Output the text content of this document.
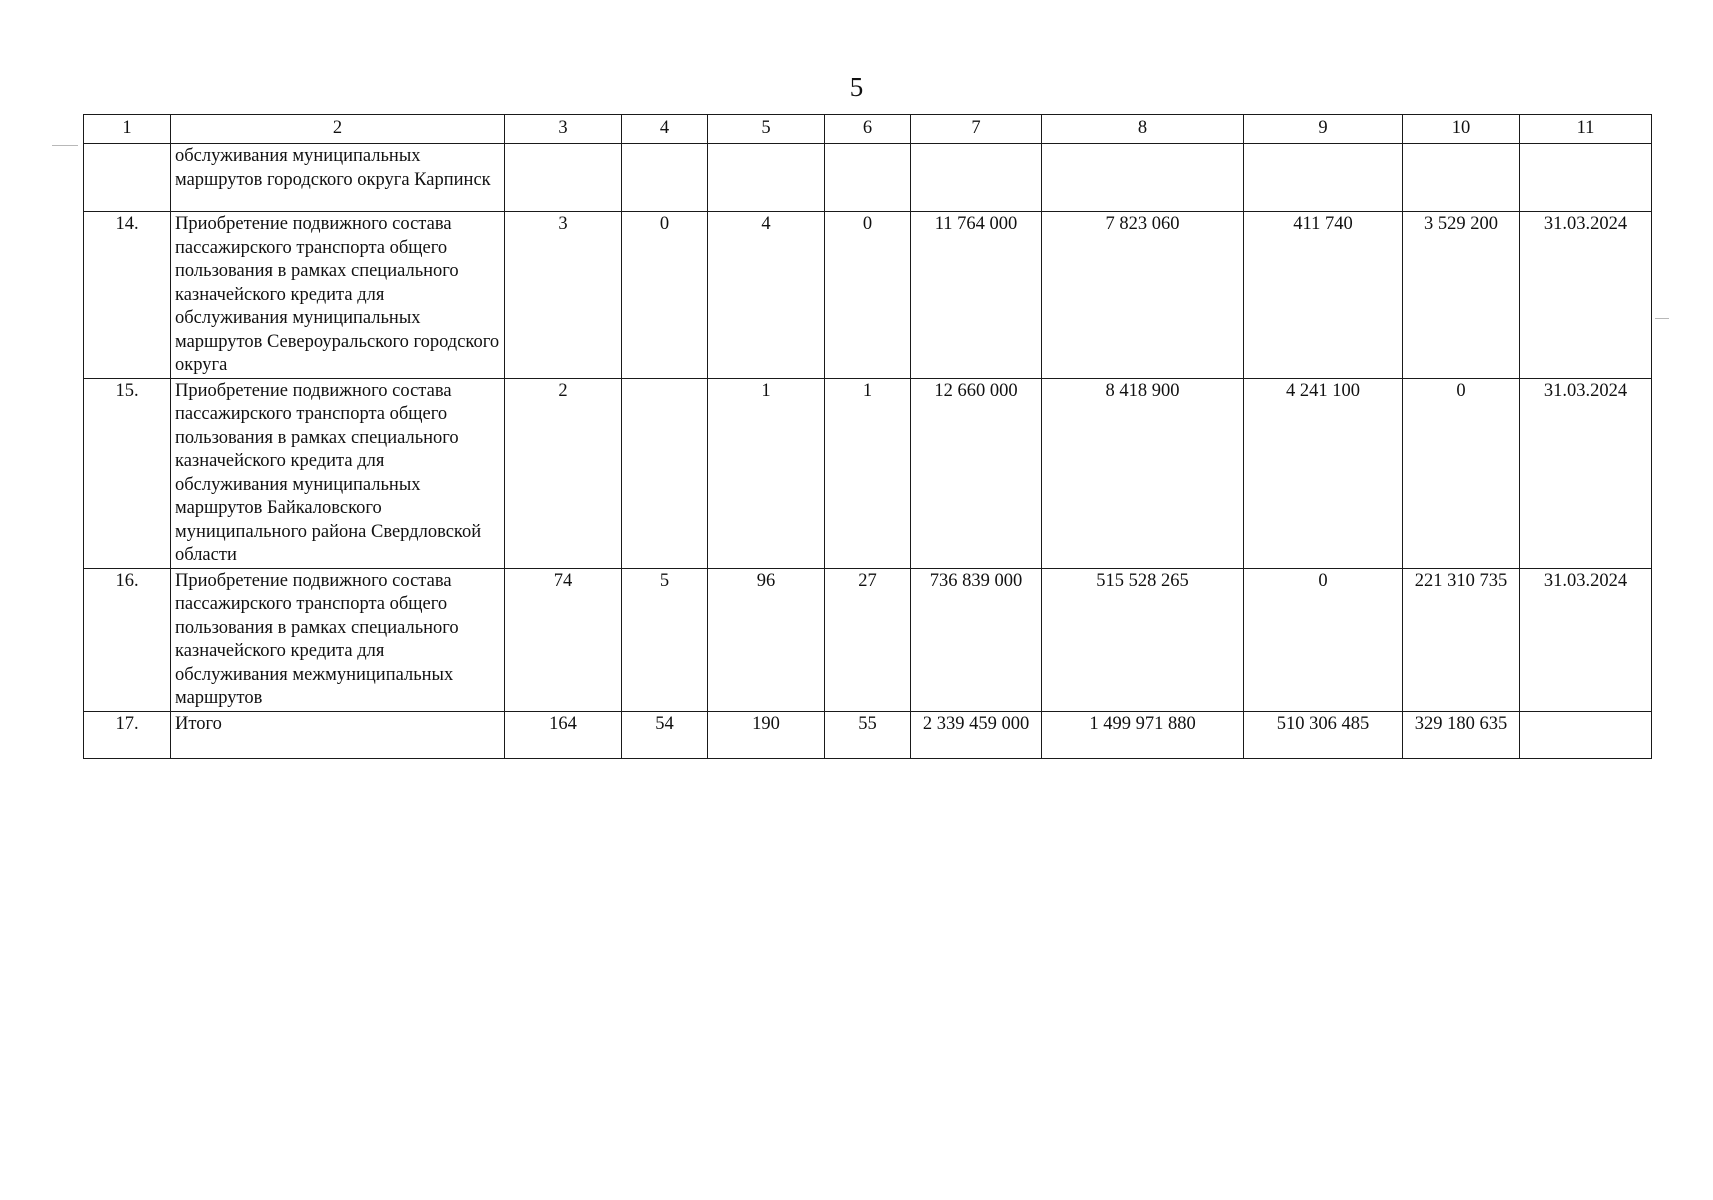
5
1	2	3	4	5	6	7	8	9	10	11
	обслуживания муниципальных маршрутов городского округа Карпинск									
14.	Приобретение подвижного состава пассажирского транспорта общего пользования в рамках специального казначейского кредита для обслуживания муниципальных маршрутов Североуральского городского округа	3	0	4	0	11 764 000	7 823 060	411 740	3 529 200	31.03.2024
15.	Приобретение подвижного состава пассажирского транспорта общего пользования в рамках специального казначейского кредита для обслуживания муниципальных маршрутов Байкаловского муниципального района Свердловской области	2		1	1	12 660 000	8 418 900	4 241 100	0	31.03.2024
16.	Приобретение подвижного состава пассажирского транспорта общего пользования в рамках специального казначейского кредита для обслуживания межмуниципальных маршрутов	74	5	96	27	736 839 000	515 528 265	0	221 310 735	31.03.2024
17.	Итого	164	54	190	55	2 339 459 000	1 499 971 880	510 306 485	329 180 635	
